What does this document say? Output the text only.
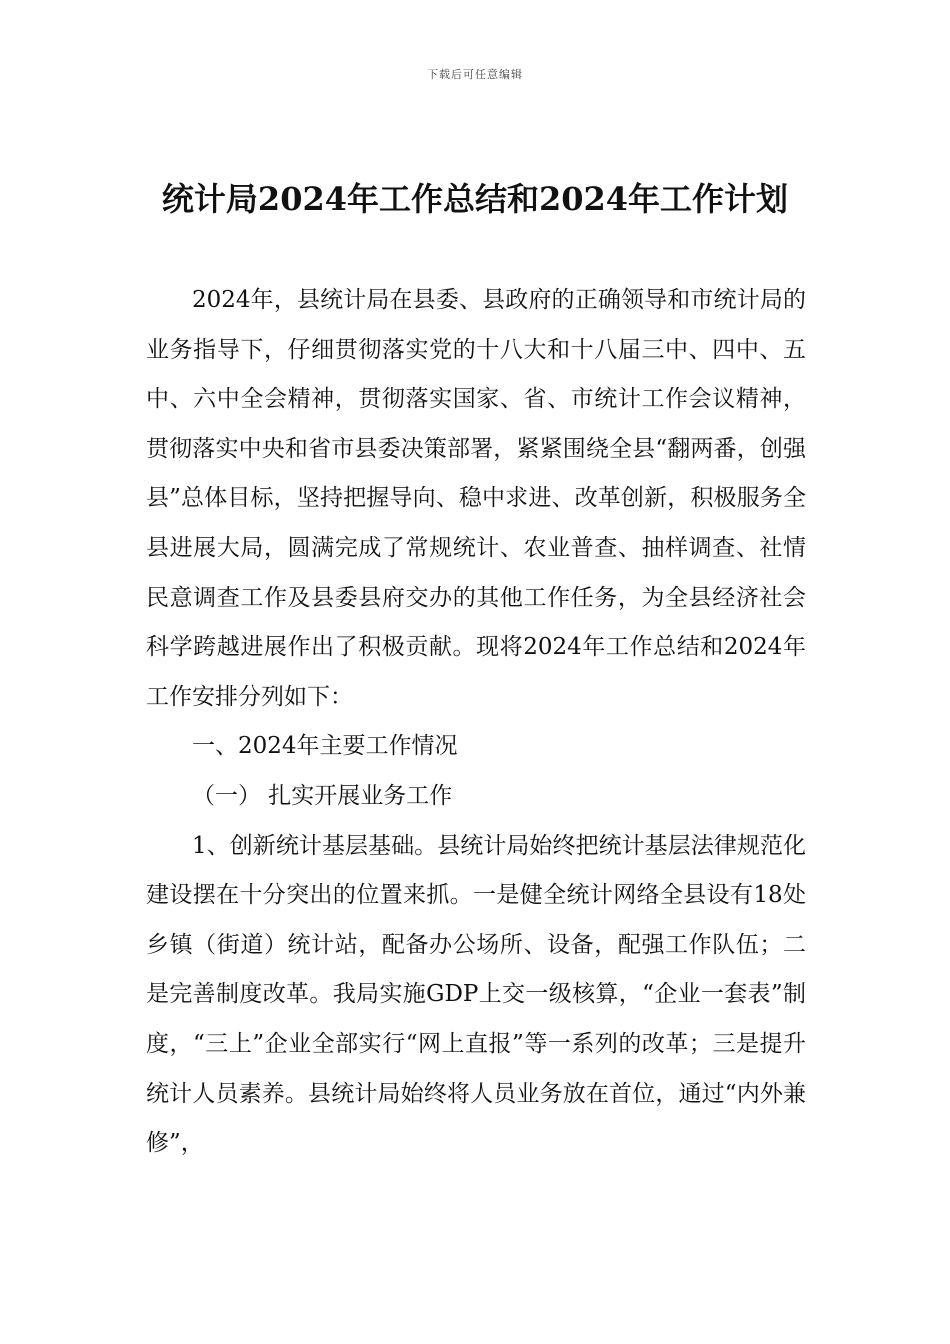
下载后可任意编辑
统计局2024年工作总结和2024年工作计划

2024年，县统计局在县委、县政府的正确领导和市统计局的业务指导下，仔细贯彻落实党的十八大和十八届三中、四中、五中、六中全会精神，贯彻落实国家、省、市统计工作会议精神，贯彻落实中央和省市县委决策部署，紧紧围绕全县“翻两番，创强县”总体目标，坚持把握导向、稳中求进、改革创新，积极服务全县进展大局，圆满完成了常规统计、农业普查、抽样调查、社情民意调查工作及县委县府交办的其他工作任务，为全县经济社会科学跨越进展作出了积极贡献。现将2024年工作总结和2024年工作安排分列如下：

一、2024年主要工作情况

（一） 扎实开展业务工作

1、创新统计基层基础。县统计局始终把统计基层法律规范化建设摆在十分突出的位置来抓。一是健全统计网络全县设有18处乡镇（街道）统计站，配备办公场所、设备，配强工作队伍；二是完善制度改革。我局实施GDP上交一级核算，“企业一套表”制度，“三上”企业全部实行“网上直报”等一系列的改革；三是提升统计人员素养。县统计局始终将人员业务放在首位，通过“内外兼修”，
